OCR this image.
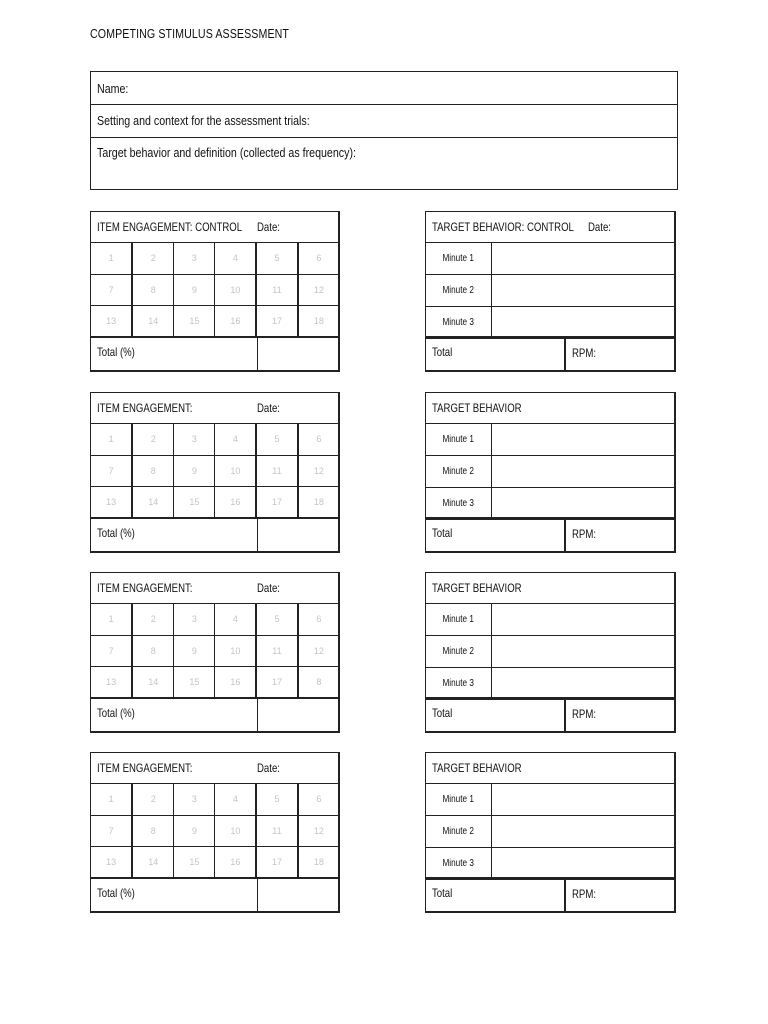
COMPETING STIMULUS ASSESSMENT
Name:
Setting and context for the assessment trials:
Target behavior and definition (collected as frequency):
ITEM ENGAGEMENT: CONTROL Date:
1	2	3	4	5	6
7	8	9	10	11	12
13	14	15	16	17	18
Total (%)
TARGET BEHAVIOR: CONTROL Date:
Minute 1
Minute 2
Minute 3
Total	RPM:
ITEM ENGAGEMENT:	Date:
1	2	3	4	5	6
7	8	9	10	11	12
13	14	15	16	17	18
Total (%)
TARGET BEHAVIOR
Minute 1
Minute 2
Minute 3
Total	RPM:
ITEM ENGAGEMENT:	Date:
1	2	3	4	5	6
7	8	9	10	11	12
13	14	15	16	17	8
Total (%)
TARGET BEHAVIOR
Minute 1
Minute 2
Minute 3
Total	RPM:
ITEM ENGAGEMENT:	Date:
1	2	3	4	5	6
7	8	9	10	11	12
13	14	15	16	17	18
Total (%)
TARGET BEHAVIOR
Minute 1
Minute 2
Minute 3
Total	RPM:
